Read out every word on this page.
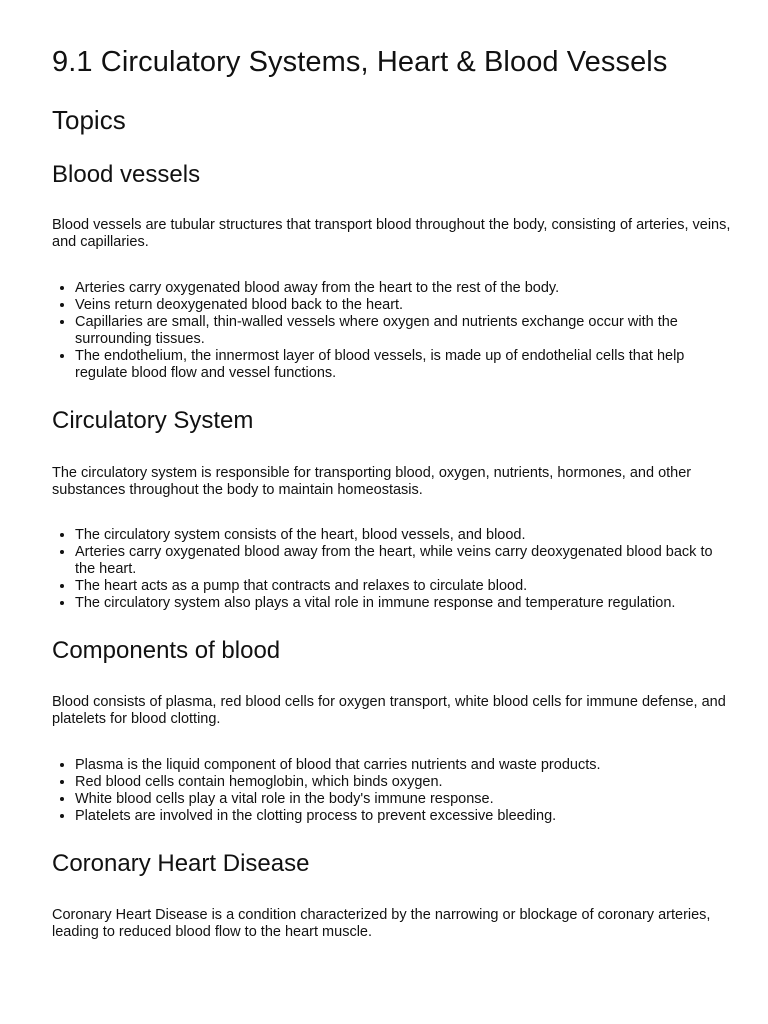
9.1 Circulatory Systems, Heart & Blood Vessels
Topics
Blood vessels

Blood vessels are tubular structures that transport blood throughout the body, consisting of arteries, veins, and capillaries.

• Arteries carry oxygenated blood away from the heart to the rest of the body.
• Veins return deoxygenated blood back to the heart.
• Capillaries are small, thin-walled vessels where oxygen and nutrients exchange occur with the surrounding tissues.
• The endothelium, the innermost layer of blood vessels, is made up of endothelial cells that help regulate blood flow and vessel functions.
Circulatory System

The circulatory system is responsible for transporting blood, oxygen, nutrients, hormones, and other substances throughout the body to maintain homeostasis.

• The circulatory system consists of the heart, blood vessels, and blood.
• Arteries carry oxygenated blood away from the heart, while veins carry deoxygenated blood back to the heart.
• The heart acts as a pump that contracts and relaxes to circulate blood.
• The circulatory system also plays a vital role in immune response and temperature regulation.
Components of blood

Blood consists of plasma, red blood cells for oxygen transport, white blood cells for immune defense, and platelets for blood clotting.

• Plasma is the liquid component of blood that carries nutrients and waste products.
• Red blood cells contain hemoglobin, which binds oxygen.
• White blood cells play a vital role in the body's immune response.
• Platelets are involved in the clotting process to prevent excessive bleeding.
Coronary Heart Disease

Coronary Heart Disease is a condition characterized by the narrowing or blockage of coronary arteries, leading to reduced blood flow to the heart muscle.
